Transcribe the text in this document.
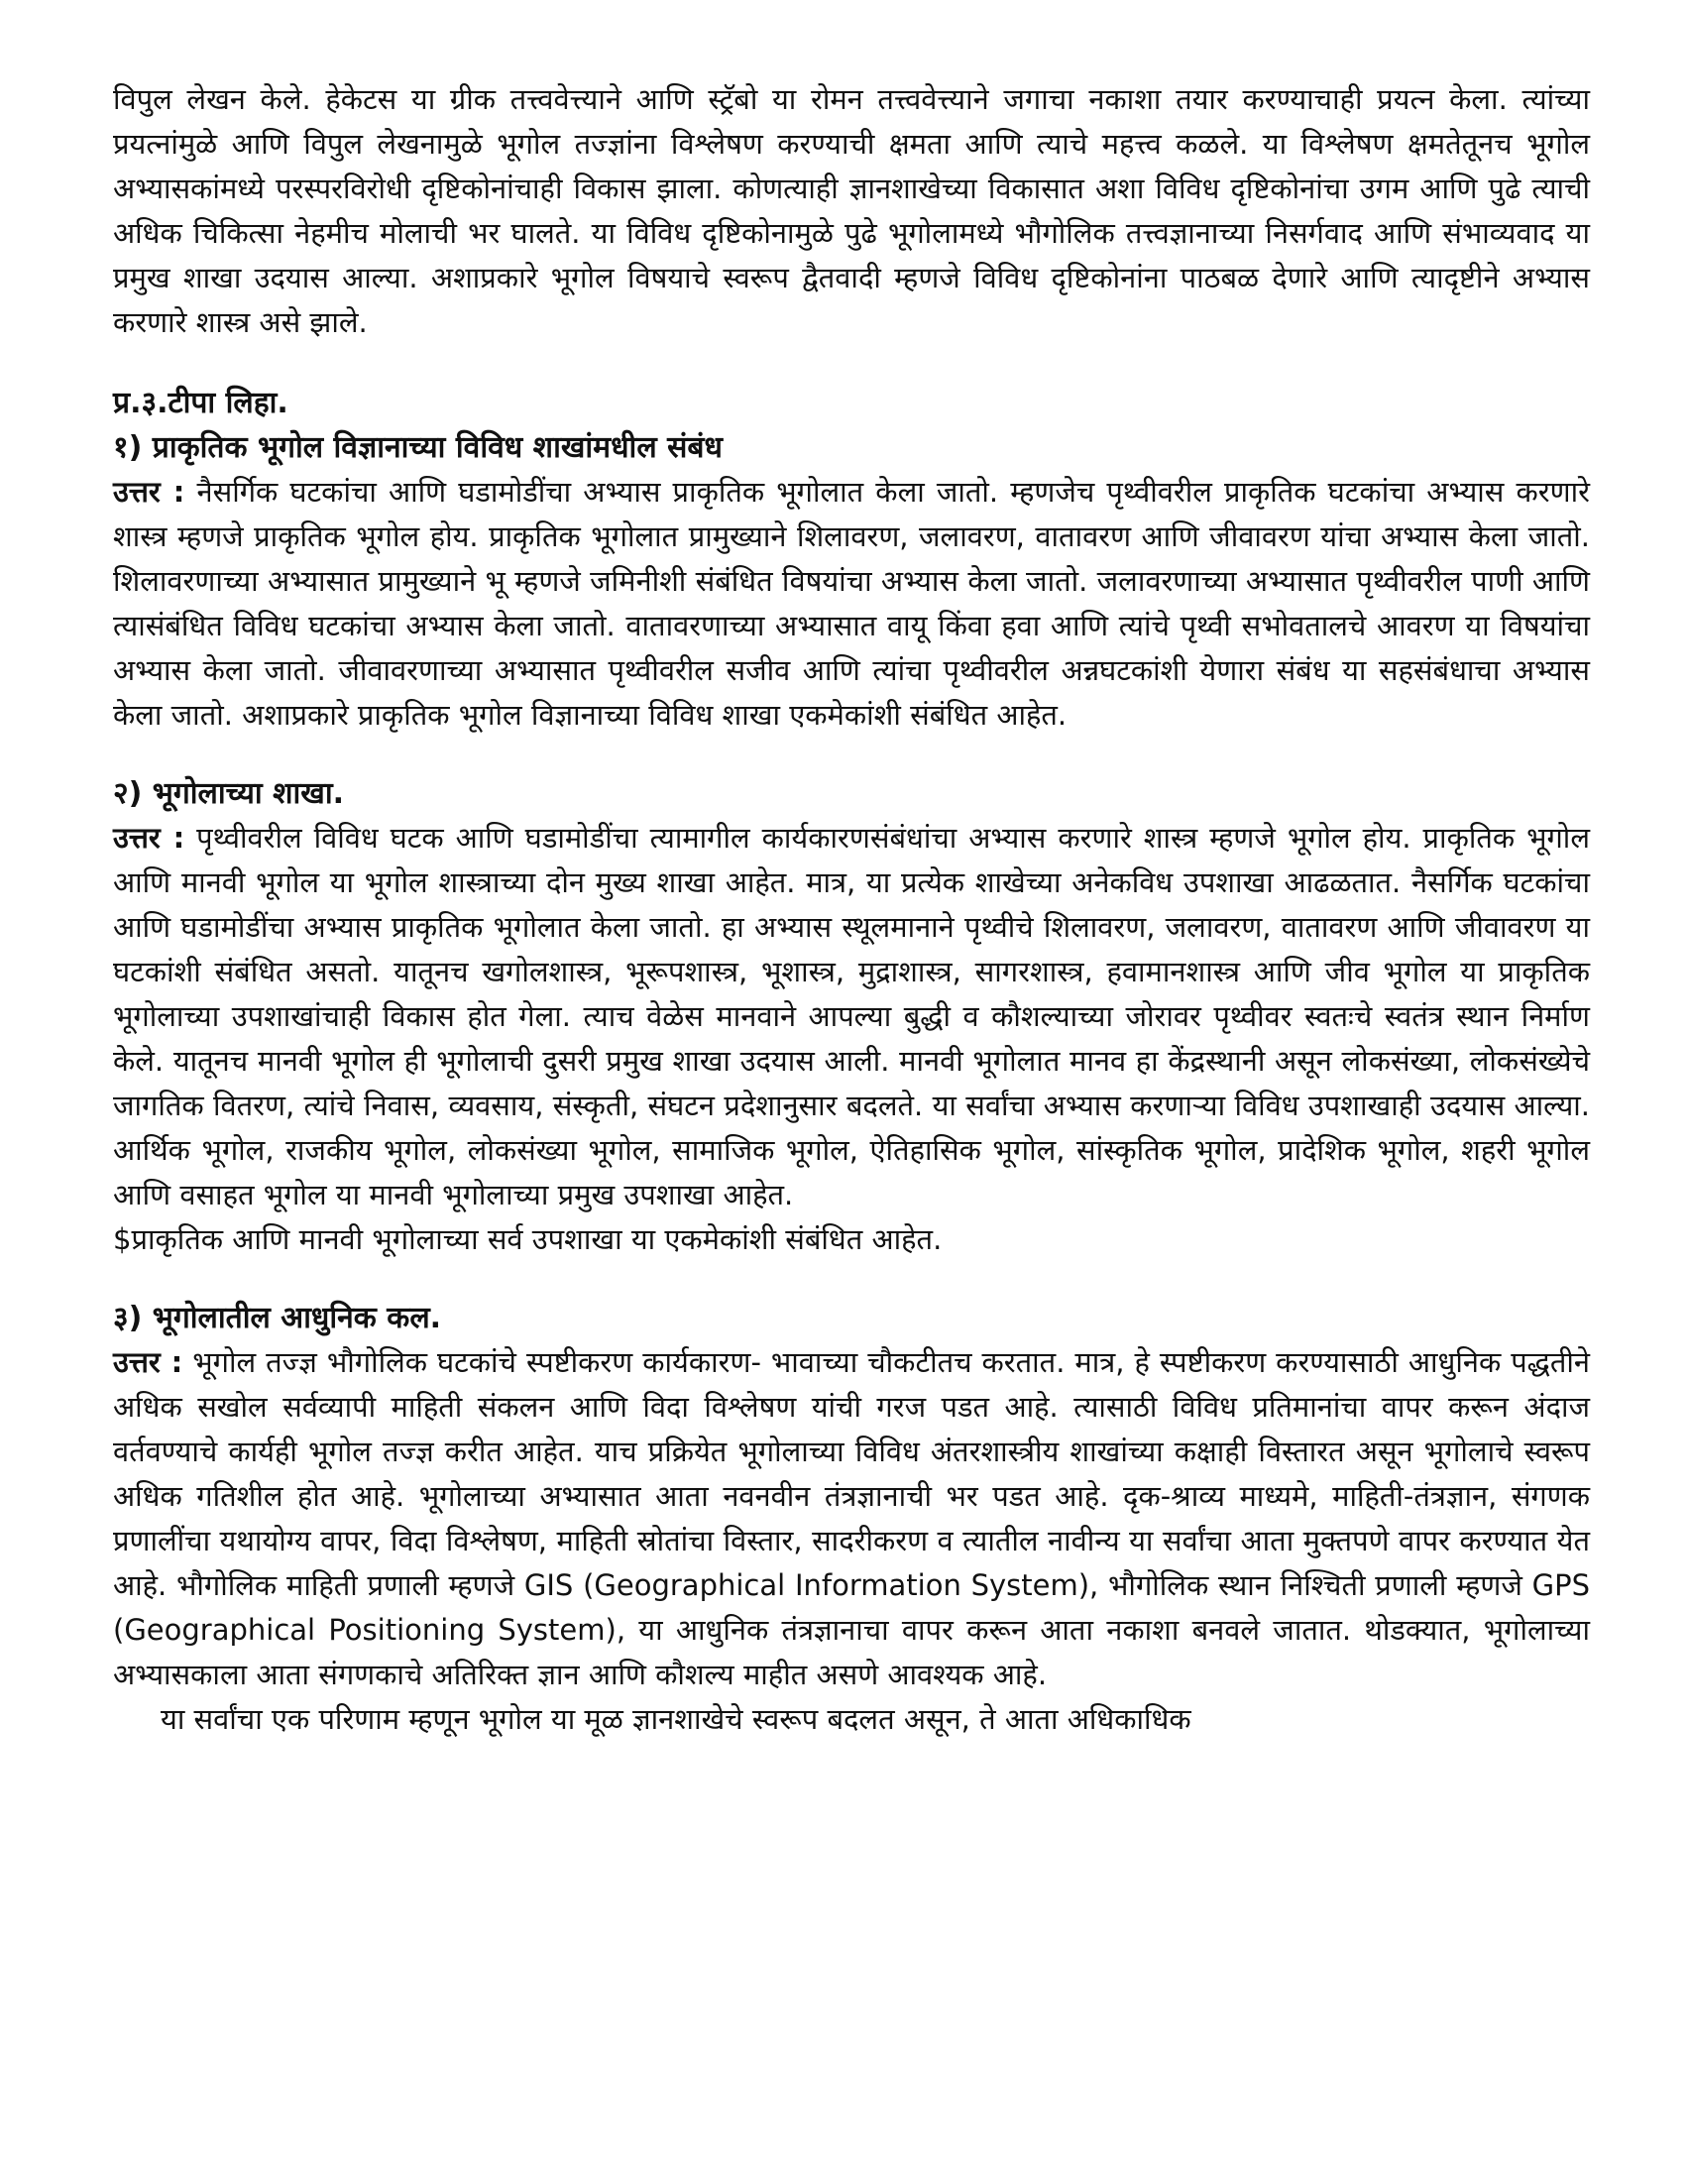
विपुल लेखन केले. हेकेटस या ग्रीक तत्त्ववेत्त्याने आणि स्ट्रॅबो या रोमन तत्त्ववेत्त्याने जगाचा नकाशा तयार करण्याचाही प्रयत्न केला. त्यांच्या प्रयत्नांमुळे आणि विपुल लेखनामुळे भूगोल तज्ज्ञांना विश्लेषण करण्याची क्षमता आणि त्याचे महत्त्व कळले. या विश्लेषण क्षमतेतूनच भूगोल अभ्यासकांमध्ये परस्परविरोधी दृष्टिकोनांचाही विकास झाला. कोणत्याही ज्ञानशाखेच्या विकासात अशा विविध दृष्टिकोनांचा उगम आणि पुढे त्याची अधिक चिकित्सा नेहमीच मोलाची भर घालते. या विविध दृष्टिकोनामुळे पुढे भूगोलामध्ये भौगोलिक तत्त्वज्ञानाच्या निसर्गवाद आणि संभाव्यवाद या प्रमुख शाखा उदयास आल्या. अशाप्रकारे भूगोल विषयाचे स्वरूप द्वैतवादी म्हणजे विविध दृष्टिकोनांना पाठबळ देणारे आणि त्यादृष्टीने अभ्यास करणारे शास्त्र असे झाले.

प्र.३.टीपा लिहा.

१) प्राकृतिक भूगोल विज्ञानाच्या विविध शाखांमधील संबंध

उत्तर : नैसर्गिक घटकांचा आणि घडामोडींचा अभ्यास प्राकृतिक भूगोलात केला जातो. म्हणजेच पृथ्वीवरील प्राकृतिक घटकांचा अभ्यास करणारे शास्त्र म्हणजे प्राकृतिक भूगोल होय. प्राकृतिक भूगोलात प्रामुख्याने शिलावरण, जलावरण, वातावरण आणि जीवावरण यांचा अभ्यास केला जातो. शिलावरणाच्या अभ्यासात प्रामुख्याने भू म्हणजे जमिनीशी संबंधित विषयांचा अभ्यास केला जातो. जलावरणाच्या अभ्यासात पृथ्वीवरील पाणी आणि त्यासंबंधित विविध घटकांचा अभ्यास केला जातो. वातावरणाच्या अभ्यासात वायू किंवा हवा आणि त्यांचे पृथ्वी सभोवतालचे आवरण या विषयांचा अभ्यास केला जातो. जीवावरणाच्या अभ्यासात पृथ्वीवरील सजीव आणि त्यांचा पृथ्वीवरील अन्नघटकांशी येणारा संबंध या सहसंबंधाचा अभ्यास केला जातो. अशाप्रकारे प्राकृतिक भूगोल विज्ञानाच्या विविध शाखा एकमेकांशी संबंधित आहेत.

२) भूगोलाच्या शाखा.

उत्तर : पृथ्वीवरील विविध घटक आणि घडामोडींचा त्यामागील कार्यकारणसंबंधांचा अभ्यास करणारे शास्त्र म्हणजे भूगोल होय. प्राकृतिक भूगोल आणि मानवी भूगोल या भूगोल शास्त्राच्या दोन मुख्य शाखा आहेत. मात्र, या प्रत्येक शाखेच्या अनेकविध उपशाखा आढळतात. नैसर्गिक घटकांचा आणि घडामोडींचा अभ्यास प्राकृतिक भूगोलात केला जातो. हा अभ्यास स्थूलमानाने पृथ्वीचे शिलावरण, जलावरण, वातावरण आणि जीवावरण या घटकांशी संबंधित असतो. यातूनच खगोलशास्त्र, भूरूपशास्त्र, भूशास्त्र, मुद्राशास्त्र, सागरशास्त्र, हवामानशास्त्र आणि जीव भूगोल या प्राकृतिक भूगोलाच्या उपशाखांचाही विकास होत गेला. त्याच वेळेस मानवाने आपल्या बुद्धी व कौशल्याच्या जोरावर पृथ्वीवर स्वतःचे स्वतंत्र स्थान निर्माण केले. यातूनच मानवी भूगोल ही भूगोलाची दुसरी प्रमुख शाखा उदयास आली. मानवी भूगोलात मानव हा केंद्रस्थानी असून लोकसंख्या, लोकसंख्येचे जागतिक वितरण, त्यांचे निवास, व्यवसाय, संस्कृती, संघटन प्रदेशानुसार बदलते. या सर्वांचा अभ्यास करणाऱ्या विविध उपशाखाही उदयास आल्या. आर्थिक भूगोल, राजकीय भूगोल, लोकसंख्या भूगोल, सामाजिक भूगोल, ऐतिहासिक भूगोल, सांस्कृतिक भूगोल, प्रादेशिक भूगोल, शहरी भूगोल आणि वसाहत भूगोल या मानवी भूगोलाच्या प्रमुख उपशाखा आहेत.

$प्राकृतिक आणि मानवी भूगोलाच्या सर्व उपशाखा या एकमेकांशी संबंधित आहेत.

३) भूगोलातील आधुनिक कल.

उत्तर : भूगोल तज्ज्ञ भौगोलिक घटकांचे स्पष्टीकरण कार्यकारण- भावाच्या चौकटीतच करतात. मात्र, हे स्पष्टीकरण करण्यासाठी आधुनिक पद्धतीने अधिक सखोल सर्वव्यापी माहिती संकलन आणि विदा विश्लेषण यांची गरज पडत आहे. त्यासाठी विविध प्रतिमानांचा वापर करून अंदाज वर्तवण्याचे कार्यही भूगोल तज्ज्ञ करीत आहेत. याच प्रक्रियेत भूगोलाच्या विविध अंतरशास्त्रीय शाखांच्या कक्षाही विस्तारत असून भूगोलाचे स्वरूप अधिक गतिशील होत आहे. भूगोलाच्या अभ्यासात आता नवनवीन तंत्रज्ञानाची भर पडत आहे. दृक-श्राव्य माध्यमे, माहिती-तंत्रज्ञान, संगणक प्रणालींचा यथायोग्य वापर, विदा विश्लेषण, माहिती स्रोतांचा विस्तार, सादरीकरण व त्यातील नावीन्य या सर्वांचा आता मुक्तपणे वापर करण्यात येत आहे. भौगोलिक माहिती प्रणाली म्हणजे GIS (Geographical Information System), भौगोलिक स्थान निश्चिती प्रणाली म्हणजे GPS (Geographical Positioning System), या आधुनिक तंत्रज्ञानाचा वापर करून आता नकाशा बनवले जातात. थोडक्यात, भूगोलाच्या अभ्यासकाला आता संगणकाचे अतिरिक्त ज्ञान आणि कौशल्य माहीत असणे आवश्यक आहे.

या सर्वांचा एक परिणाम म्हणून भूगोल या मूळ ज्ञानशाखेचे स्वरूप बदलत असून, ते आता अधिकाधिक
